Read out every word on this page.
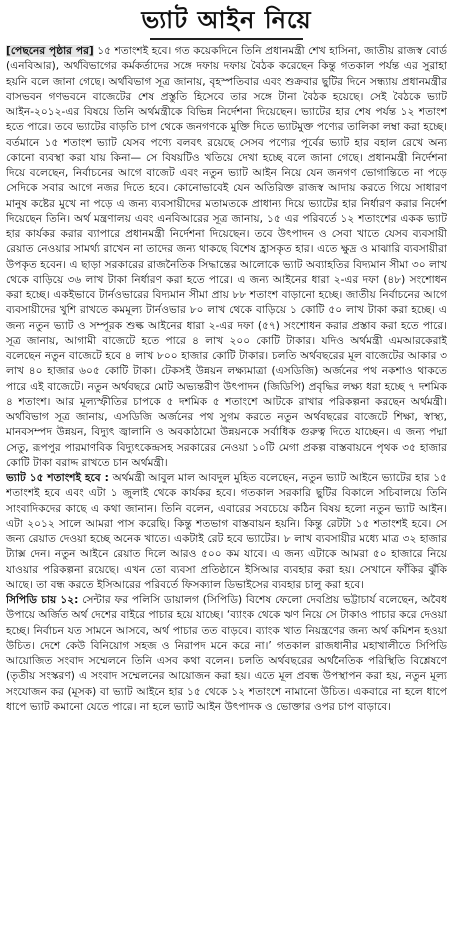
ভ্যাট আইন নিয়ে

[পেছনের পৃষ্ঠার পর] ১৫ শতাংশই হবে। গত কয়েকদিনে তিনি প্রধানমন্ত্রী শেখ হাসিনা, জাতীয় রাজস্ব বোর্ড (এনবিআর), অর্থবিভাগের কর্মকর্তাদের সঙ্গে দফায় দফায় বৈঠক করেছেন কিন্তু গতকাল পর্যন্ত এর সুরাহা হয়নি বলে জানা গেছে। অর্থবিভাগ সূত্র জানায়, বৃহস্পতিবার এবং শুক্রবার ছুটির দিনে সন্ধ্যায় প্রধানমন্ত্রীর বাসভবন গণভবনে বাজেটের শেষ প্রস্তুতি হিসেবে তার সঙ্গে টানা বৈঠক হয়েছে। সেই বৈঠকে ভ্যাট আইন-২০১২-এর বিষয়ে তিনি অর্থমন্ত্রীকে বিভিন্ন নির্দেশনা দিয়েছেন। ভ্যাটের হার শেষ পর্যন্ত ১২ শতাংশ হতে পারে। তবে ভ্যাটের বাড়তি চাপ থেকে জনগণকে মুক্তি দিতে ভ্যাটমুক্ত পণ্যের তালিকা লম্বা করা হচ্ছে। বর্তমানে ১৫ শতাংশ ভ্যাট যেসব পণ্যে বলবৎ রয়েছে সেসব পণ্যের পূর্বের ভ্যাট হার বহাল রেখে অন্য কোনো ব্যবস্থা করা যায় কিনা— সে বিষয়টিও খতিয়ে দেখা হচ্ছে বলে জানা গেছে। প্রধানমন্ত্রী নির্দেশনা দিয়ে বলেছেন, নির্বাচনের আগে বাজেট এবং নতুন ভ্যাট আইন নিয়ে যেন জনগণ ভোগান্তিতে না পড়ে সেদিকে সবার আগে নজর দিতে হবে। কোনোভাবেই যেন অতিরিক্ত রাজস্ব আদায় করতে গিয়ে সাধারণ মানুষ কষ্টের মুখে না পড়ে এ জন্য ব্যবসায়ীদের মতামতকে প্রাধান্য দিয়ে ভ্যাটের হার নির্ধারণ করার নির্দেশ দিয়েছেন তিনি। অর্থ মন্ত্রণালয় এবং এনবিআরের সূত্র জানায়, ১৫ এর পরিবর্তে ১২ শতাংশের একক ভ্যাট হার কার্যকর করার ব্যাপারে প্রধানমন্ত্রী নির্দেশনা দিয়েছেন। তবে উৎপাদন ও সেবা খাতে যেসব ব্যবসায়ী রেয়াত নেওয়ার সামর্থ্য রাখেন না তাদের জন্য থাকছে বিশেষ হ্রাসকৃত হার। এতে ক্ষুদ্র ও মাঝারি ব্যবসায়ীরা উপকৃত হবেন। এ ছাড়া সরকারের রাজনৈতিক সিদ্ধান্তের আলোকে ভ্যাট অব্যাহতির বিদ্যমান সীমা ৩০ লাখ থেকে বাড়িয়ে ৩৬ লাখ টাকা নির্ধারণ করা হতে পারে। এ জন্য আইনের ধারা ২-এর দফা (৪৮) সংশোধন করা হচ্ছে। একইভাবে টার্নওভারের বিদ্যমান সীমা প্রায় ৮৮ শতাংশ বাড়ানো হচ্ছে। জাতীয় নির্বাচনের আগে ব্যবসায়ীদের খুশি রাখতে কমমূল্য টার্নওভার ৮০ লাখ থেকে বাড়িয়ে ১ কোটি ৫০ লাখ টাকা করা হচ্ছে। এ জন্য নতুন ভ্যাট ও সম্পূরক শুল্ক আইনের ধারা ২-এর দফা (৫৭) সংশোধন করার প্রস্তাব করা হতে পারে। সূত্র জানায়, আগামী বাজেটে হতে পারে ৪ লাখ ২০০ কোটি টাকার। যদিও অর্থমন্ত্রী এমআরকেরাই বলেছেন নতুন বাজেটে হবে ৪ লাখ ৮০০ হাজার কোটি টাকার। চলতি অর্থবছরের মূল বাজেটের আকার ৩ লাখ ৪০ হাজার ৬০৫ কোটি টাকা। টেকসই উন্নয়ন লক্ষ্যমাত্রা (এসডিজি) অর্জনের পথ নকশাও থাকতে পারে এই বাজেটে। নতুন অর্থবছরে মোট অভ্যন্তরীণ উৎপাদন (জিডিপি) প্রবৃদ্ধির লক্ষ্য ধরা হচ্ছে ৭ দশমিক ৪ শতাংশ। আর মূল্যস্ফীতির চাপকে ৫ দশমিক ৫ শতাংশে আটকে রাখার পরিকল্পনা করছেন অর্থমন্ত্রী। অর্থবিভাগ সূত্র জানায়, এসডিজি অর্জনের পথ সুগম করতে নতুন অর্থবছরের বাজেটে শিক্ষা, স্বাস্থ্য, মানবসম্পদ উন্নয়ন, বিদ্যুৎ জ্বালানি ও অবকাঠামো উন্নয়নকে সর্বাধিক গুরুত্ব দিতে যাচ্ছেন। এ জন্য পদ্মা সেতু, রূপপুর পারমাণবিক বিদ্যুৎকেন্দ্রসহ সরকারের নেওয়া ১০টি মেগা প্রকল্প বাস্তবায়নে পৃথক ৩৫ হাজার কোটি টাকা বরাদ্দ রাখতে চান অর্থমন্ত্রী।

ভ্যাট ১৫ শতাংশই হবে : অর্থমন্ত্রী আবুল মাল আবদুল মুহিত বলেছেন, নতুন ভ্যাট আইনে ভ্যাটের হার ১৫ শতাংশই হবে এবং এটা ১ জুলাই থেকে কার্যকর হবে। গতকাল সরকারি ছুটির বিকালে সচিবালয়ে তিনি সাংবাদিকদের কাছে এ কথা জানান। তিনি বলেন, এবারের সবচেয়ে কঠিন বিষয় হলো নতুন ভ্যাট আইন। এটা ২০১২ সালে আমরা পাস করেছি। কিন্তু শতভাগ বাস্তবায়ন হয়নি। কিন্তু রেটটা ১৫ শতাংশই হবে। সে জন্য রেয়াত দেওয়া হচ্ছে অনেক খাতে। একটাই রেট হবে ভ্যাটের। ৮ লাখ ব্যবসায়ীর মধ্যে মাত্র ৩২ হাজার ট্যাক্স দেন। নতুন আইনে রেয়াত দিলে আরও ৫০০ কম যাবে। এ জন্য এটাকে আমরা ৫০ হাজারে নিয়ে যাওয়ার পরিকল্পনা রয়েছে। এখন তো ব্যবসা প্রতিষ্ঠানে ইসিআর ব্যবহার করা হয়। সেখানে ফাঁকির ঝুঁকি আছে। তা বন্ধ করতে ইসিআরের পরিবর্তে ফিসক্যাল ডিভাইসের ব্যবহার চালু করা হবে।

সিপিডি চায় ১২: সেন্টার ফর পলিসি ডায়ালগ (সিপিডি) বিশেষ ফেলো দেবপ্রিয় ভট্টাচার্য বলেছেন, অবৈধ উপায়ে অর্জিত অর্থ দেশের বাইরে পাচার হয়ে যাচ্ছে। ‘ব্যাংক থেকে ঋণ নিয়ে সে টাকাও পাচার করে দেওয়া হচ্ছে। নির্বাচন যত সামনে আসবে, অর্থ পাচার তত বাড়বে। ব্যাংক খাত নিয়ন্ত্রণের জন্য অর্থ কমিশন হওয়া উচিত। দেশে কেউ বিনিয়োগ সহজ ও নিরাপদ মনে করে না।’ গতকাল রাজধানীর মহাখালীতে সিপিডি আয়োজিত সংবাদ সম্মেলনে তিনি এসব কথা বলেন। চলতি অর্থবছরের অর্থনৈতিক পরিস্থিতি বিশ্লেষণে (তৃতীয় সংস্করণ) এ সংবাদ সম্মেলনের আয়োজন করা হয়। এতে মূল প্রবন্ধ উপস্থাপন করা হয়, নতুন মূল্য সংযোজন কর (মূসক) বা ভ্যাট আইনে হার ১৫ থেকে ১২ শতাংশে নামানো উচিত। একবারে না হলে ধাপে ধাপে ভ্যাট কমানো যেতে পারে। না হলে ভ্যাট আইন উৎপাদক ও ভোক্তার ওপর চাপ বাড়াবে।
